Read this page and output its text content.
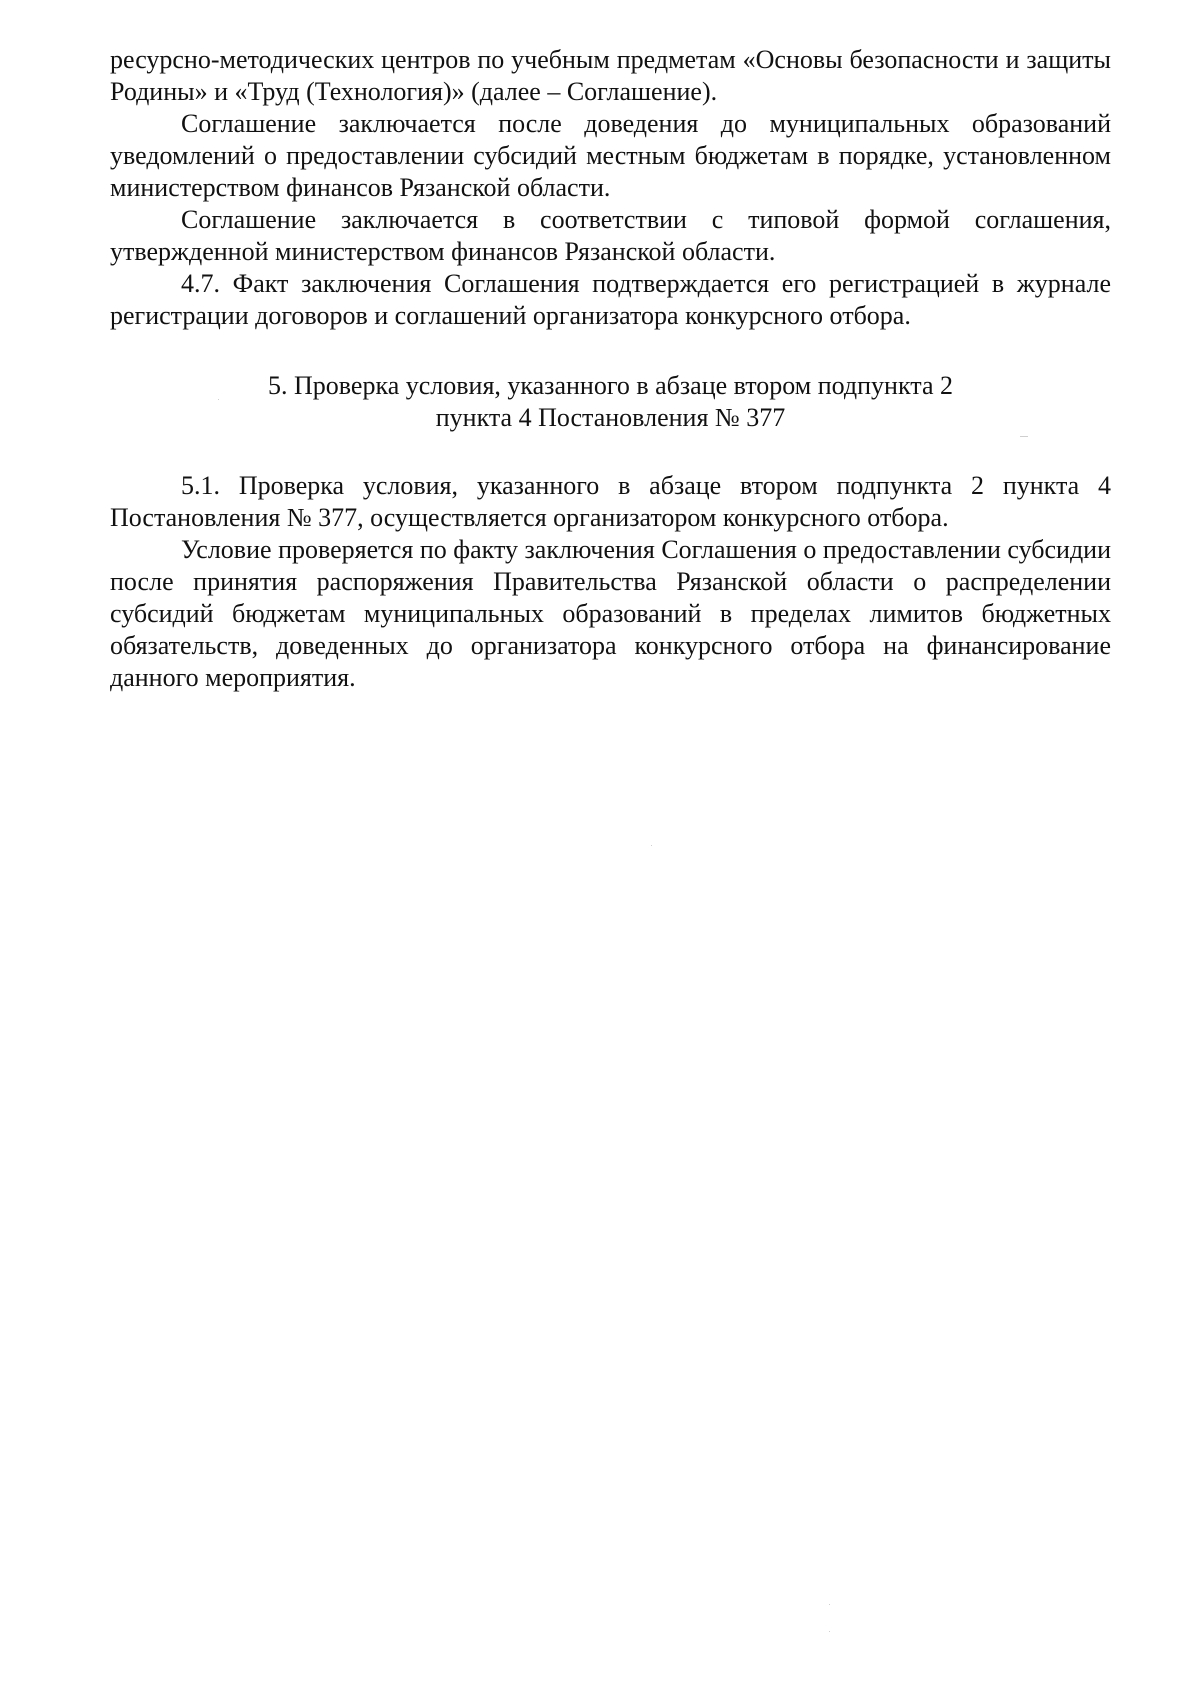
ресурсно-методических центров по учебным предметам «Основы безопасности и защиты Родины» и «Труд (Технология)» (далее – Соглашение).

Соглашение заключается после доведения до муниципальных образований уведомлений о предоставлении субсидий местным бюджетам в порядке, установленном министерством финансов Рязанской области.

Соглашение заключается в соответствии с типовой формой соглашения, утвержденной министерством финансов Рязанской области.

4.7. Факт заключения Соглашения подтверждается его регистрацией в журнале регистрации договоров и соглашений организатора конкурсного отбора.

5. Проверка условия, указанного в абзаце втором подпункта 2
пункта 4 Постановления № 377

5.1. Проверка условия, указанного в абзаце втором подпункта 2 пункта 4 Постановления № 377, осуществляется организатором конкурсного отбора.

Условие проверяется по факту заключения Соглашения о предоставлении субсидии после принятия распоряжения Правительства Рязанской области о распределении субсидий бюджетам муниципальных образований в пределах лимитов бюджетных обязательств, доведенных до организатора конкурсного отбора на финансирование данного мероприятия.
